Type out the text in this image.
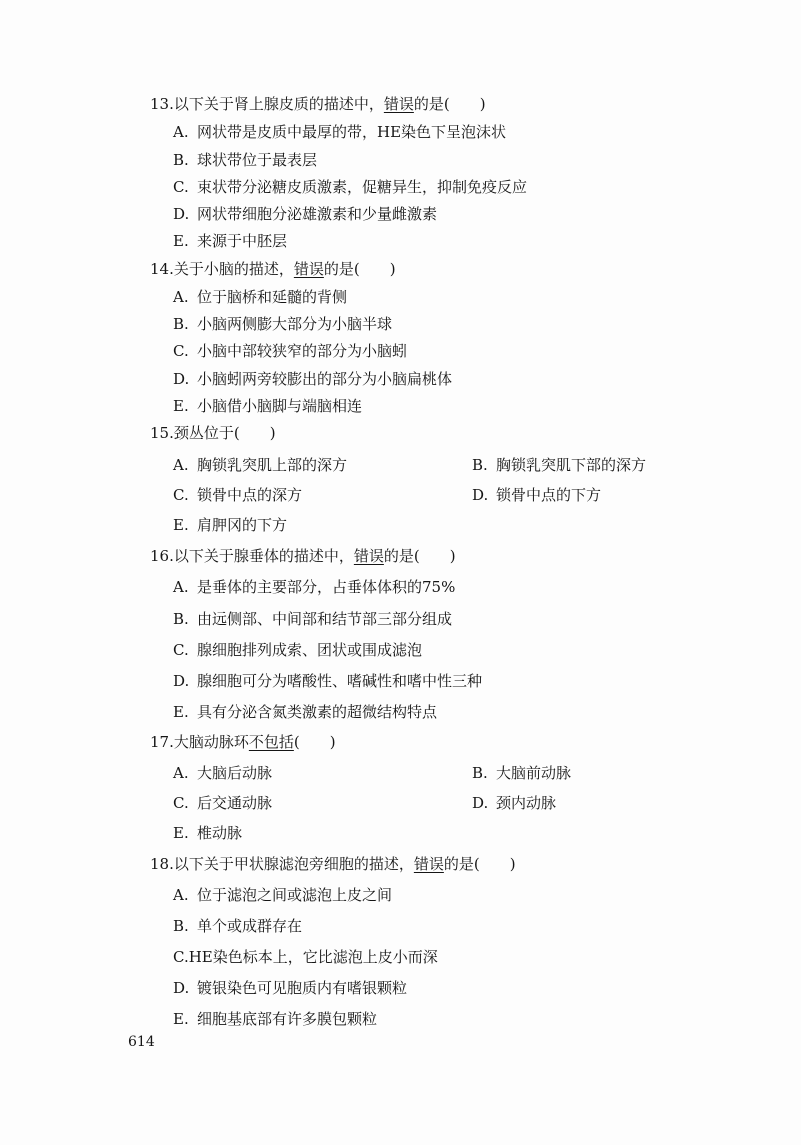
13.以下关于肾上腺皮质的描述中，错误的是(　　)
A. 网状带是皮质中最厚的带，HE染色下呈泡沫状
B. 球状带位于最表层
C. 束状带分泌糖皮质激素，促糖异生，抑制免疫反应
D. 网状带细胞分泌雄激素和少量雌激素
E. 来源于中胚层
14.关于小脑的描述，错误的是(　　)
A. 位于脑桥和延髓的背侧
B. 小脑两侧膨大部分为小脑半球
C. 小脑中部较狭窄的部分为小脑蚓
D. 小脑蚓两旁较膨出的部分为小脑扁桃体
E. 小脑借小脑脚与端脑相连
15.颈丛位于(　　)
A. 胸锁乳突肌上部的深方	B. 胸锁乳突肌下部的深方
C. 锁骨中点的深方	D. 锁骨中点的下方
E. 肩胛冈的下方
16.以下关于腺垂体的描述中，错误的是(　　)
A. 是垂体的主要部分，占垂体体积的75%
B. 由远侧部、中间部和结节部三部分组成
C. 腺细胞排列成索、团状或围成滤泡
D. 腺细胞可分为嗜酸性、嗜碱性和嗜中性三种
E. 具有分泌含氮类激素的超微结构特点
17.大脑动脉环不包括(　　)
A. 大脑后动脉	B. 大脑前动脉
C. 后交通动脉	D. 颈内动脉
E. 椎动脉
18.以下关于甲状腺滤泡旁细胞的描述，错误的是(　　)
A. 位于滤泡之间或滤泡上皮之间
B. 单个或成群存在
C.HE染色标本上，它比滤泡上皮小而深
D. 镀银染色可见胞质内有嗜银颗粒
E. 细胞基底部有许多膜包颗粒
614
